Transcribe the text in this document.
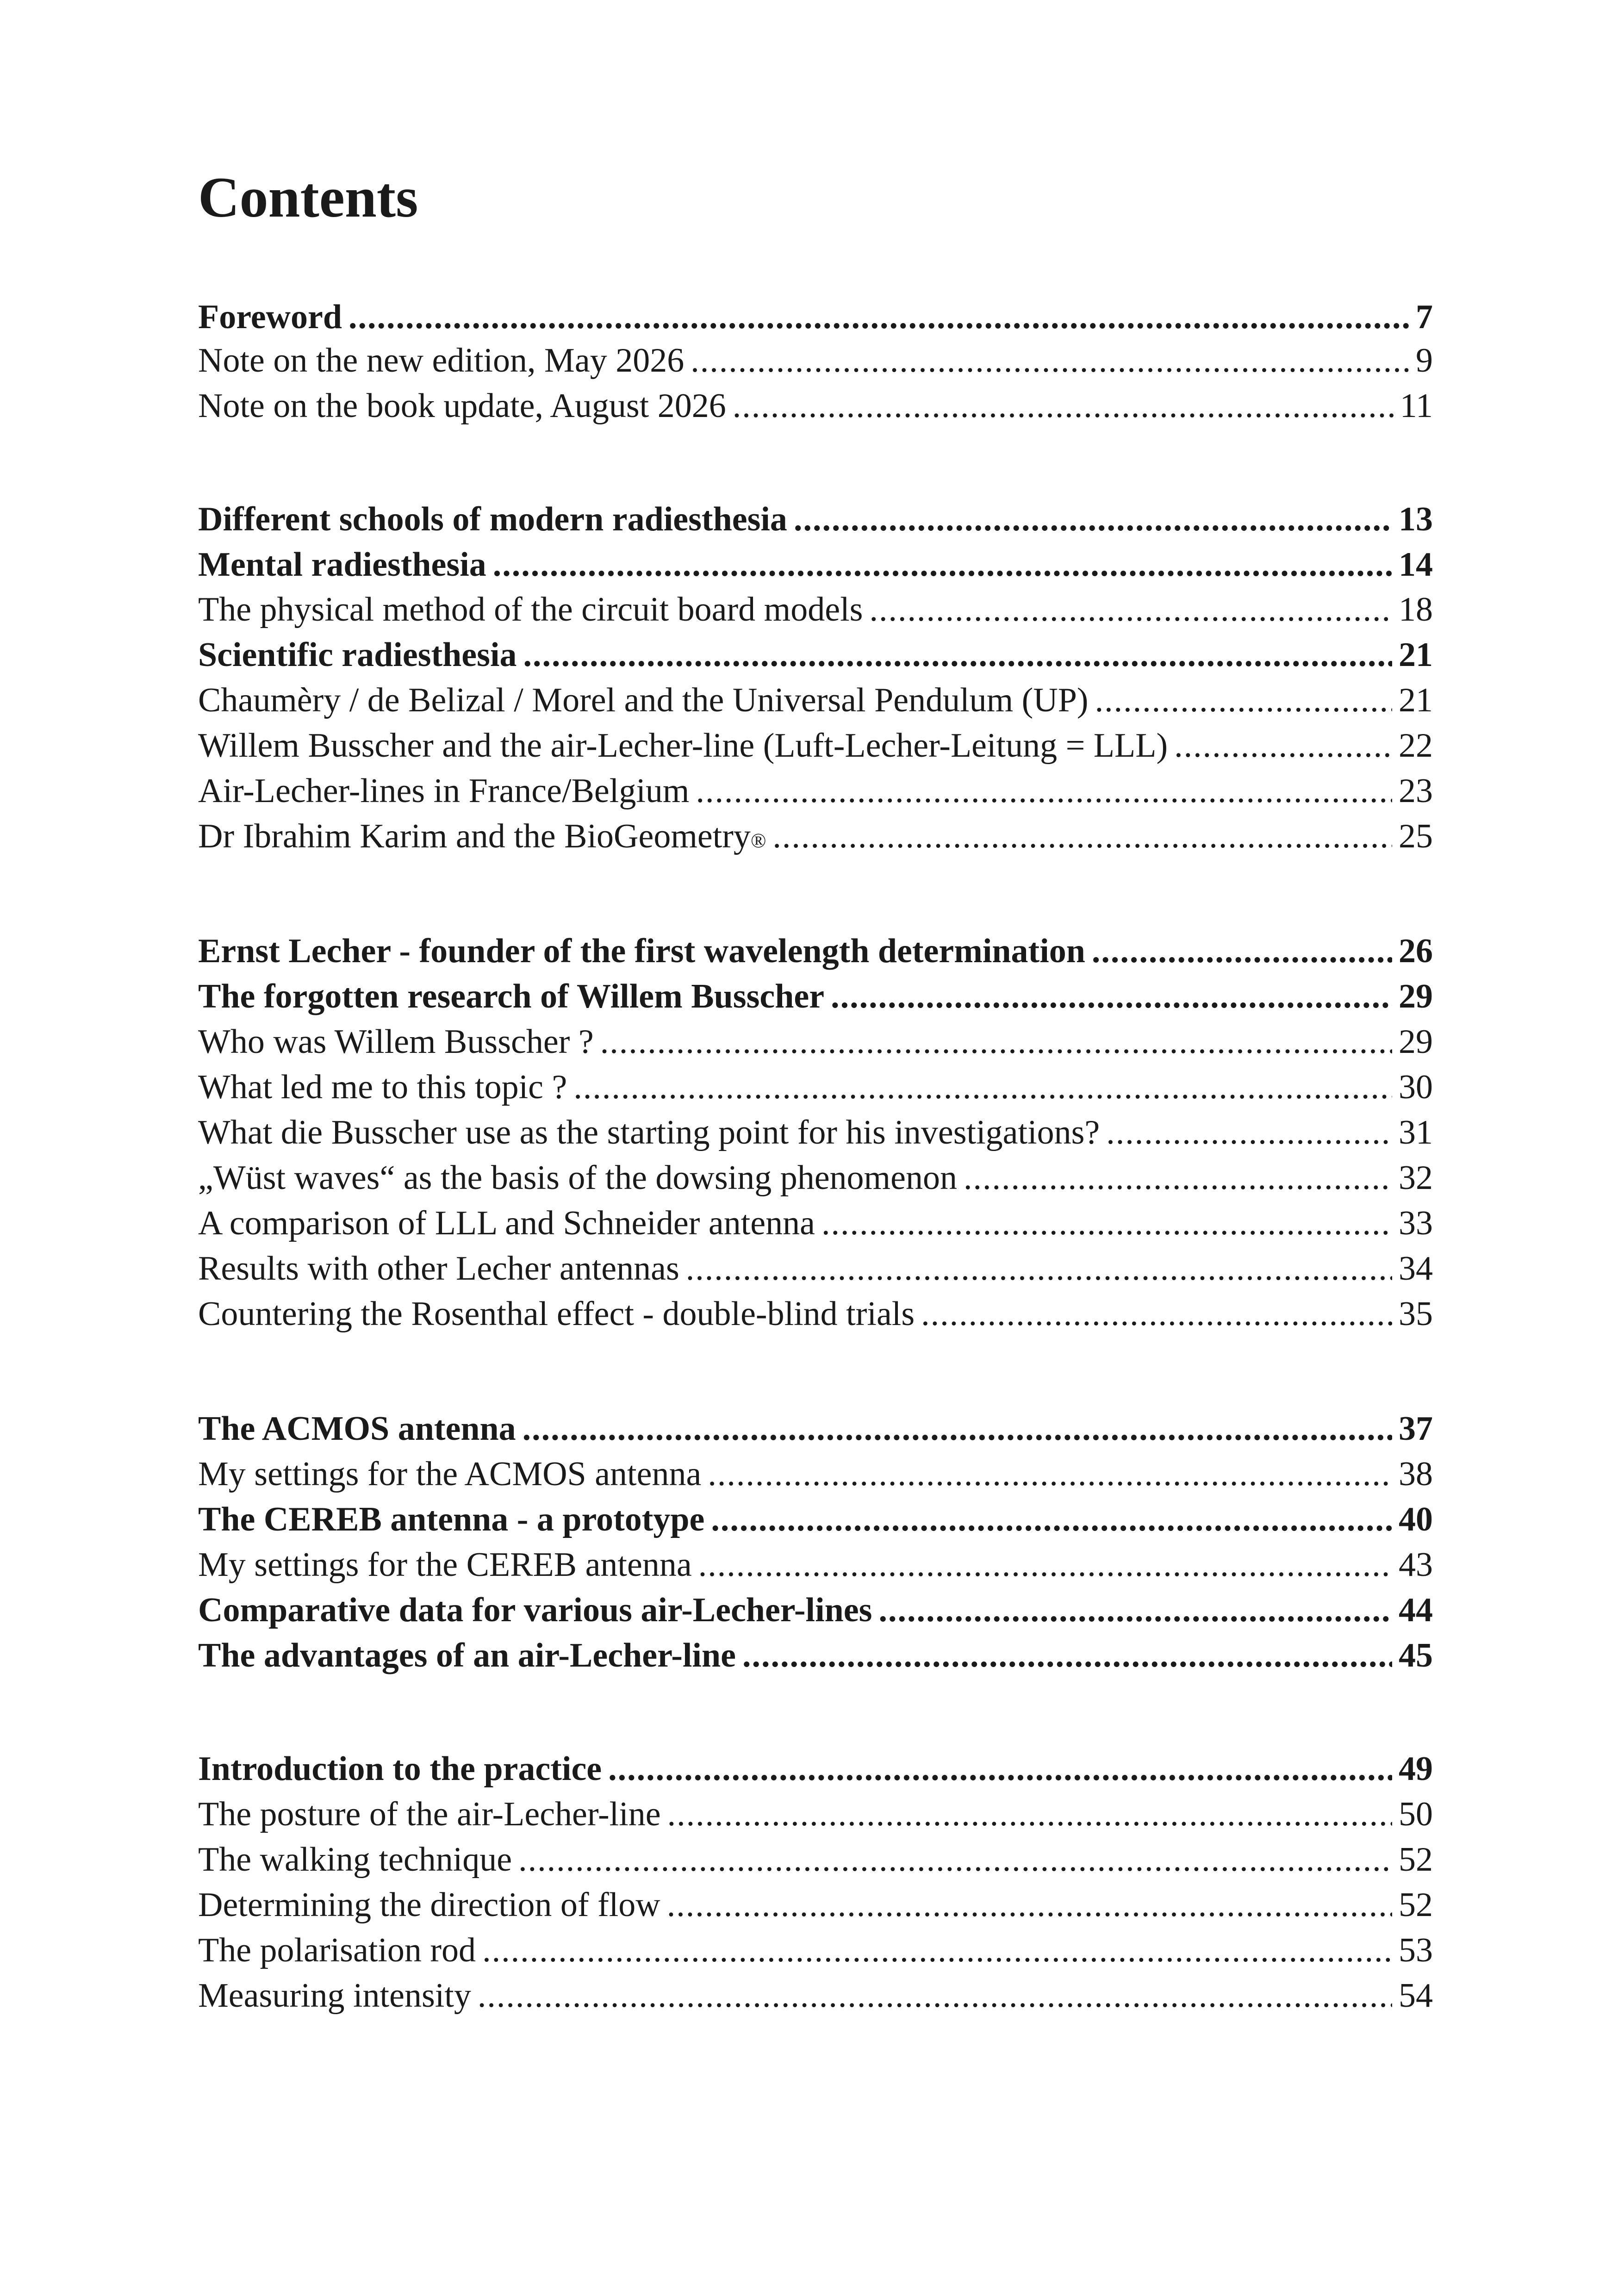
Contents
Foreword .....	7
Note on the new edition, May 2026 .....	9
Note on the book update, August 2026 .....	11
Different schools of modern radiesthesia .....	13
Mental radiesthesia .....	14
The physical method of the circuit board models .....	18
Scientific radiesthesia .....	21
Chaumèry / de Belizal / Morel and the Universal Pendulum (UP) .....	21
Willem Busscher and the air-Lecher-line (Luft-Lecher-Leitung = LLL) .....	22
Air-Lecher-lines in France/Belgium .....	23
Dr Ibrahim Karim and the BioGeometry ® .....	25
Ernst Lecher - founder of the first wavelength determination .....	26
The forgotten research of Willem Busscher .....	29
Who was Willem Busscher ? .....	29
What led me to this topic ? .....	30
What die Busscher use as the starting point for his investigations? .....	31
„Wüst waves“ as the basis of the dowsing phenomenon .....	32
A comparison of LLL and Schneider antenna .....	33
Results with other Lecher antennas .....	34
Countering the Rosenthal effect - double-blind trials .....	35
The ACMOS antenna .....	37
My settings for the ACMOS antenna .....	38
The CEREB antenna - a prototype .....	40
My settings for the CEREB antenna .....	43
Comparative data for various air-Lecher-lines .....	44
The advantages of an air-Lecher-line .....	45
Introduction to the practice .....	49
The posture of the air-Lecher-line .....	50
The walking technique .....	52
Determining the direction of flow .....	52
The polarisation rod .....	53
Measuring intensity .....	54
